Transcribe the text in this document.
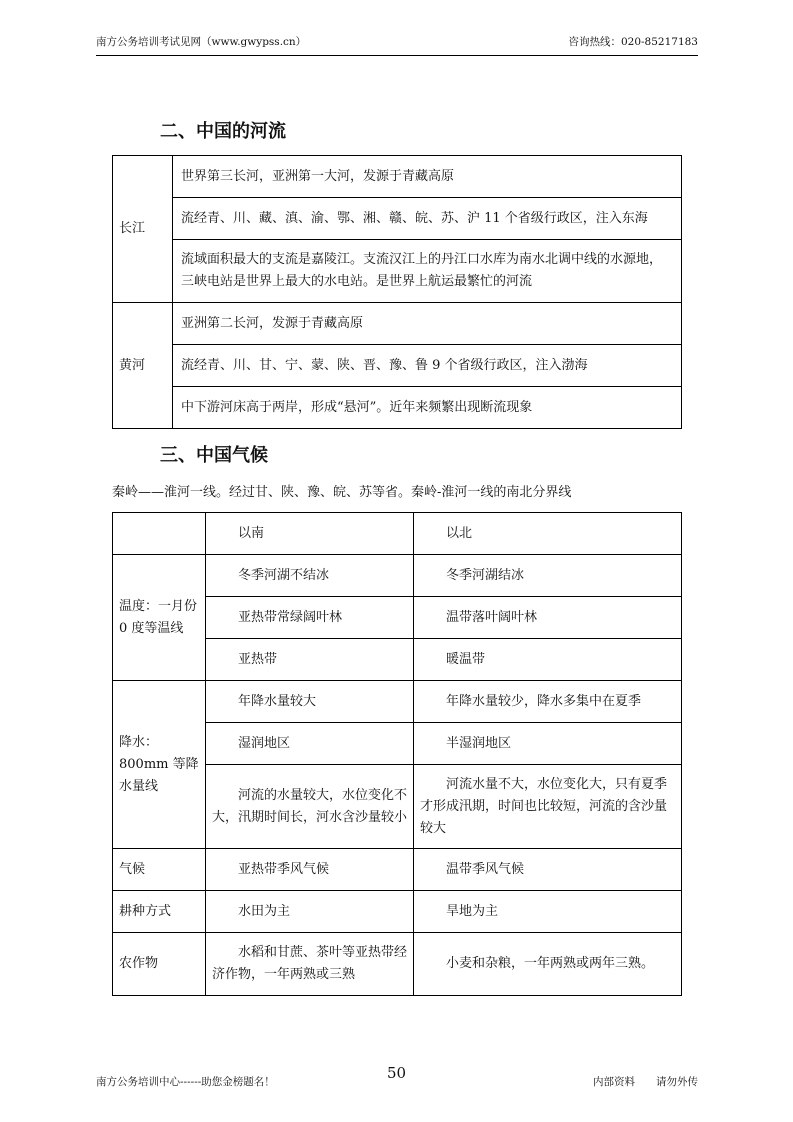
南方公务培训考试见网（www.gwypss.cn）	咨询热线：020-85217183
二、中国的河流
长江	世界第三长河，亚洲第一大河，发源于青藏高原
	流经青、川、藏、滇、渝、鄂、湘、赣、皖、苏、沪 11 个省级行政区，注入东海
	流域面积最大的支流是嘉陵江。支流汉江上的丹江口水库为南水北调中线的水源地，三峡电站是世界上最大的水电站。是世界上航运最繁忙的河流
黄河	亚洲第二长河，发源于青藏高原
	流经青、川、甘、宁、蒙、陕、晋、豫、鲁 9 个省级行政区，注入渤海
	中下游河床高于两岸，形成“悬河”。近年来频繁出现断流现象
三、中国气候
秦岭——淮河一线。经过甘、陕、豫、皖、苏等省。秦岭-淮河一线的南北分界线

	以南	以北

温度：一月份 0 度等温线	冬季河湖不结冰	冬季河湖结冰

	亚热带常绿阔叶林	温带落叶阔叶林

	亚热带	暖温带

降水：800mm 等降水量线	年降水量较大	年降水量较少，降水多集中在夏季

	湿润地区	半湿润地区

	河流的水量较大，水位变化不大，汛期时间长，河水含沙量较小	河流水量不大，水位变化大，只有夏季才形成汛期，时间也比较短，河流的含沙量较大

气候	亚热带季风气候	温带季风气候

耕种方式	水田为主	旱地为主

农作物	水稻和甘蔗、茶叶等亚热带经济作物，一年两熟或三熟	小麦和杂粮，一年两熟或两年三熟。
50
南方公务培训中心------助您金榜题名！	内部资料　　请勿外传
